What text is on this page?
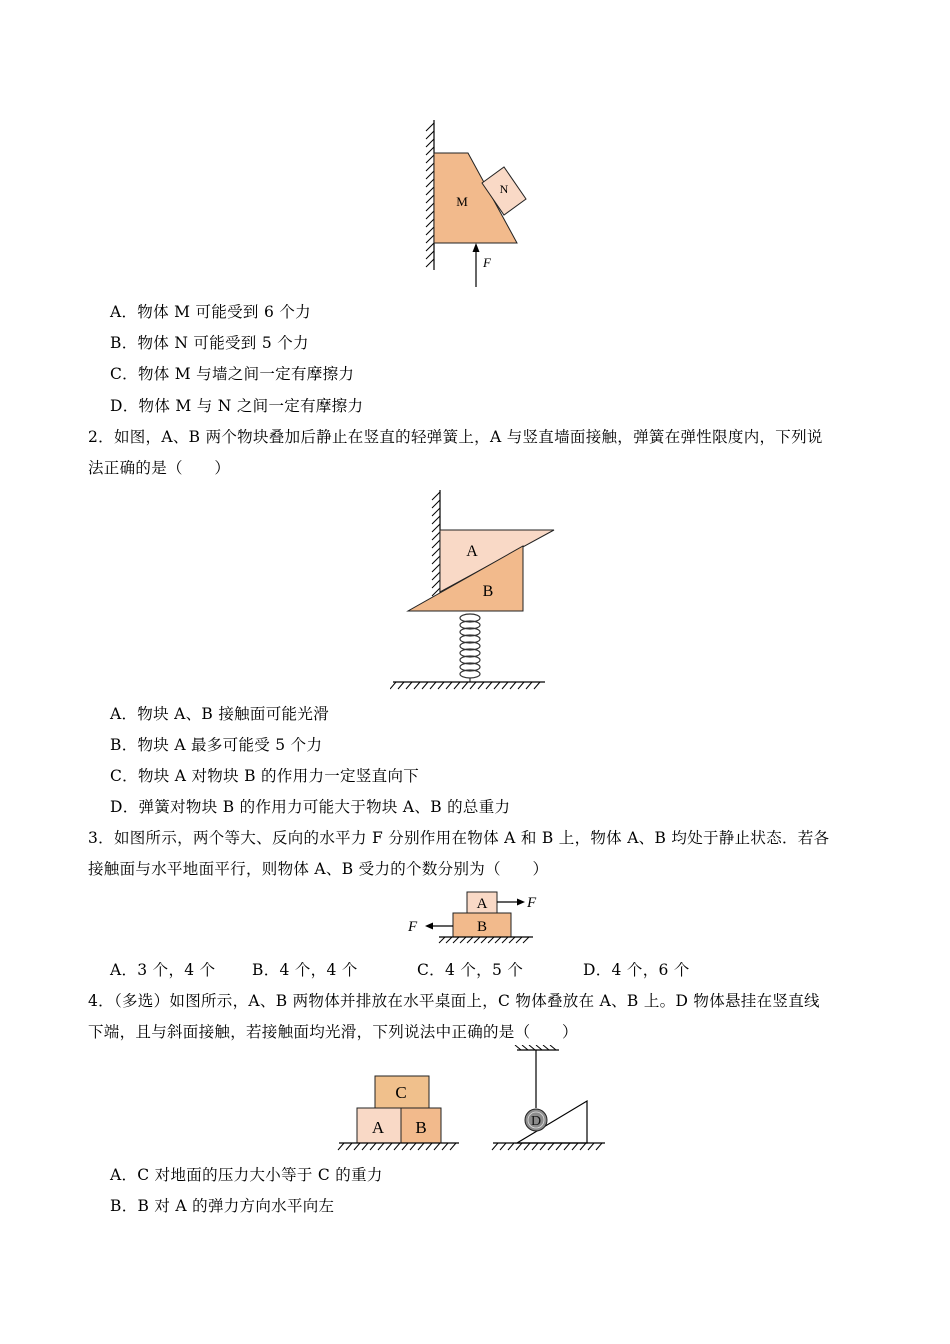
M
N
F
A．物体 M 可能受到 6 个力
B．物体 N 可能受到 5 个力
C．物体 M 与墙之间一定有摩擦力
D．物体 M 与 N 之间一定有摩擦力
2．如图，A、B 两个物块叠加后静止在竖直的轻弹簧上，A 与竖直墙面接触，弹簧在弹性限度内，下列说
法正确的是（　　）
A
B
A．物块 A、B 接触面可能光滑
B．物块 A 最多可能受 5 个力
C．物块 A 对物块 B 的作用力一定竖直向下
D．弹簧对物块 B 的作用力可能大于物块 A、B 的总重力
3．如图所示，两个等大、反向的水平力 F 分别作用在物体 A 和 B 上，物体 A、B 均处于静止状态．若各
接触面与水平地面平行，则物体 A、B 受力的个数分别为（　　）
A
B
F
F
A．3 个，4 个 B．4 个，4 个	C．4 个，5 个	D．4 个，6 个
4．（多选）如图所示，A、B 两物体并排放在水平桌面上，C 物体叠放在 A、B 上。D 物体悬挂在竖直线
下端，且与斜面接触，若接触面均光滑，下列说法中正确的是（　　）
C
A B	D
A．C 对地面的压力大小等于 C 的重力
B．B 对 A 的弹力方向水平向左
